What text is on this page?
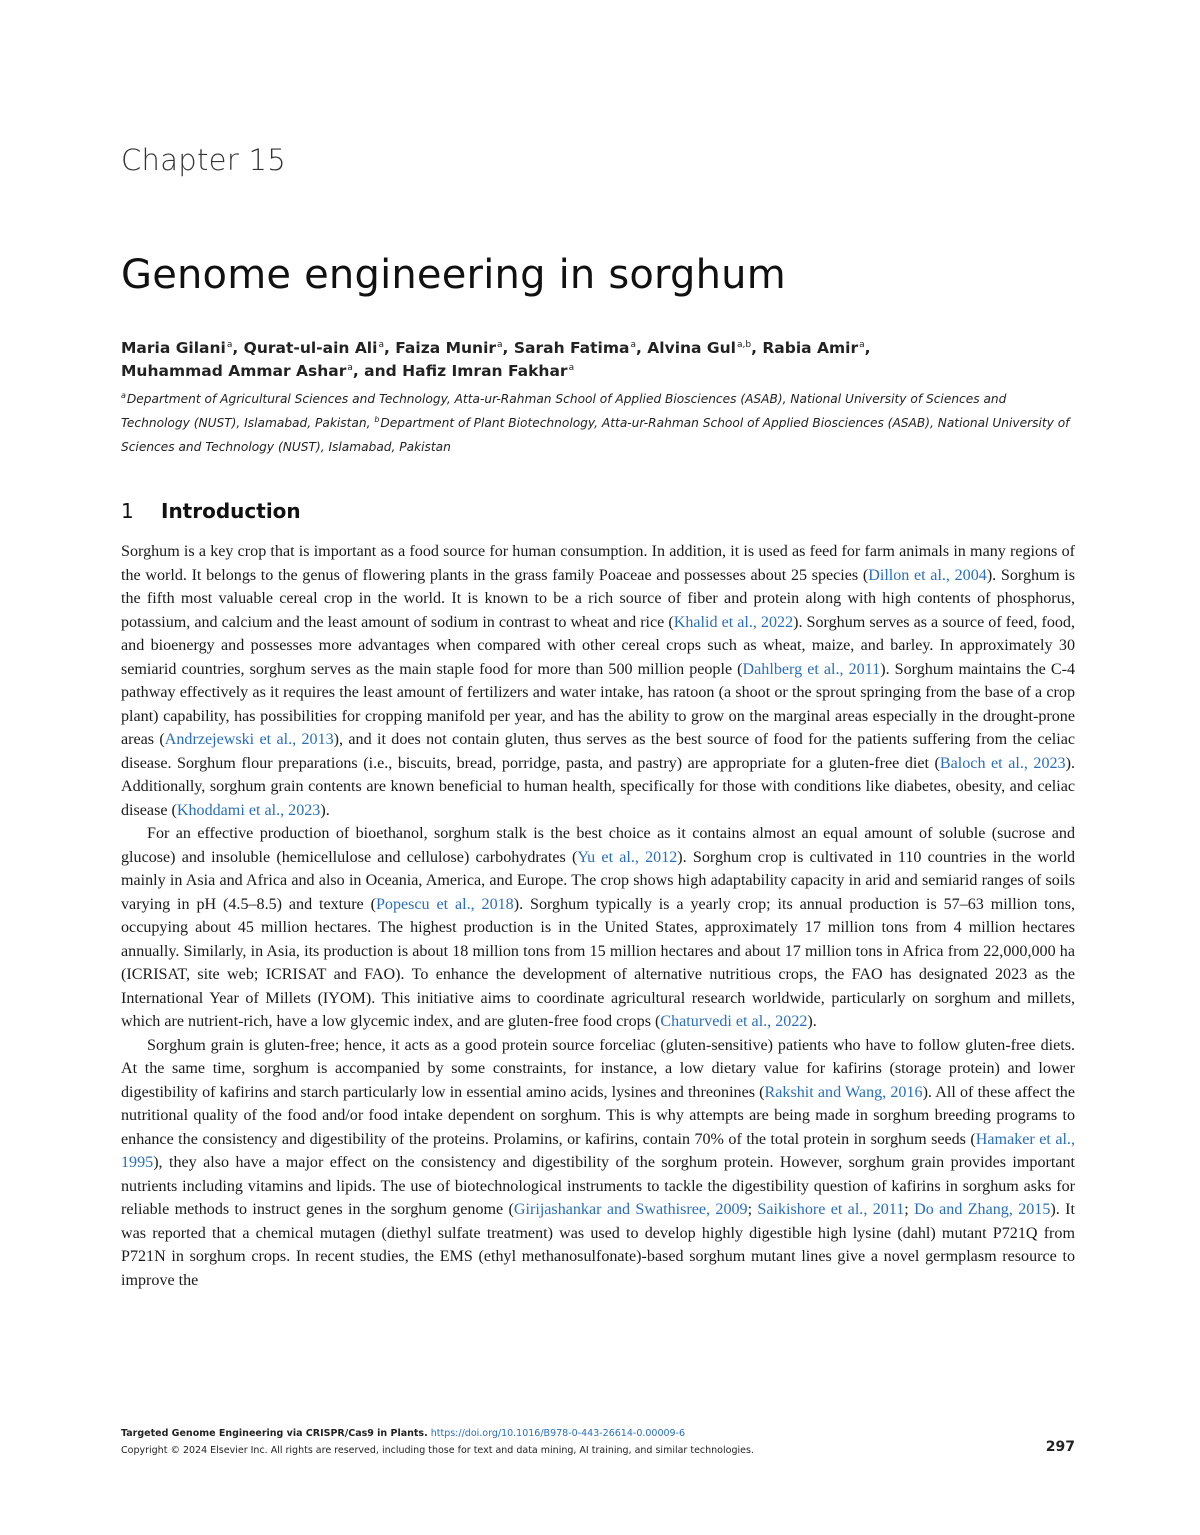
Chapter 15
Genome engineering in sorghum
Maria Gilani$^a$, Qurat-ul-ain Ali$^a$, Faiza Munir$^a$, Sarah Fatima$^a$, Alvina Gul$^{a,b}$, Rabia Amir$^a$,
Muhammad Ammar Ashar$^a$, and Hafiz Imran Fakhar$^a$
$^a$Department of Agricultural Sciences and Technology, Atta-ur-Rahman School of Applied Biosciences (ASAB), National University of Sciences and Technology (NUST), Islamabad, Pakistan, $^b$Department of Plant Biotechnology, Atta-ur-Rahman School of Applied Biosciences (ASAB), National University of Sciences and Technology (NUST), Islamabad, Pakistan
1 Introduction

Sorghum is a key crop that is important as a food source for human consumption. In addition, it is used as feed for farm animals in many regions of the world. It belongs to the genus of flowering plants in the grass family Poaceae and possesses about 25 species (Dillon et al., 2004). Sorghum is the fifth most valuable cereal crop in the world. It is known to be a rich source of fiber and protein along with high contents of phosphorus, potassium, and calcium and the least amount of sodium in contrast to wheat and rice (Khalid et al., 2022). Sorghum serves as a source of feed, food, and bioenergy and possesses more advantages when compared with other cereal crops such as wheat, maize, and barley. In approximately 30 semiarid countries, sorghum serves as the main staple food for more than 500 million people (Dahlberg et al., 2011). Sorghum maintains the C-4 pathway effectively as it requires the least amount of fertilizers and water intake, has ratoon (a shoot or the sprout springing from the base of a crop plant) capability, has possibilities for cropping manifold per year, and has the ability to grow on the marginal areas especially in the drought-prone areas (Andrzejewski et al., 2013), and it does not contain gluten, thus serves as the best source of food for the patients suffering from the celiac disease. Sorghum flour preparations (i.e., biscuits, bread, porridge, pasta, and pastry) are appropriate for a gluten-free diet (Baloch et al., 2023). Additionally, sorghum grain contents are known beneficial to human health, specifically for those with conditions like diabetes, obesity, and celiac disease (Khoddami et al., 2023).

For an effective production of bioethanol, sorghum stalk is the best choice as it contains almost an equal amount of soluble (sucrose and glucose) and insoluble (hemicellulose and cellulose) carbohydrates (Yu et al., 2012). Sorghum crop is cultivated in 110 countries in the world mainly in Asia and Africa and also in Oceania, America, and Europe. The crop shows high adaptability capacity in arid and semiarid ranges of soils varying in pH (4.5–8.5) and texture (Popescu et al., 2018). Sorghum typically is a yearly crop; its annual production is 57–63 million tons, occupying about 45 million hectares. The highest production is in the United States, approximately 17 million tons from 4 million hectares annually. Similarly, in Asia, its production is about 18 million tons from 15 million hectares and about 17 million tons in Africa from 22,000,000 ha (ICRISAT, site web; ICRISAT and FAO). To enhance the development of alternative nutritious crops, the FAO has designated 2023 as the International Year of Millets (IYOM). This initiative aims to coordinate agricultural research worldwide, particularly on sorghum and millets, which are nutrient-rich, have a low glycemic index, and are gluten-free food crops (Chaturvedi et al., 2022).

Sorghum grain is gluten-free; hence, it acts as a good protein source forceliac (gluten-sensitive) patients who have to follow gluten-free diets. At the same time, sorghum is accompanied by some constraints, for instance, a low dietary value for kafirins (storage protein) and lower digestibility of kafirins and starch particularly low in essential amino acids, lysines and threonines (Rakshit and Wang, 2016). All of these affect the nutritional quality of the food and/or food intake dependent on sorghum. This is why attempts are being made in sorghum breeding programs to enhance the consistency and digestibility of the proteins. Prolamins, or kafirins, contain 70% of the total protein in sorghum seeds (Hamaker et al., 1995), they also have a major effect on the consistency and digestibility of the sorghum protein. However, sorghum grain provides important nutrients including vitamins and lipids. The use of biotechnological instruments to tackle the digestibility question of kafirins in sorghum asks for reliable methods to instruct genes in the sorghum genome (Girijashankar and Swathisree, 2009; Saikishore et al., 2011; Do and Zhang, 2015). It was reported that a chemical mutagen (diethyl sulfate treatment) was used to develop highly digestible high lysine (dahl) mutant P721Q from P721N in sorghum crops. In recent studies, the EMS (ethyl methanosulfonate)-based sorghum mutant lines give a novel germplasm resource to improve the

Targeted Genome Engineering via CRISPR/Cas9 in Plants. https://doi.org/10.1016/B978-0-443-26614-0.00009-6
Copyright © 2024 Elsevier Inc. All rights are reserved, including those for text and data mining, AI training, and similar technologies.	297
